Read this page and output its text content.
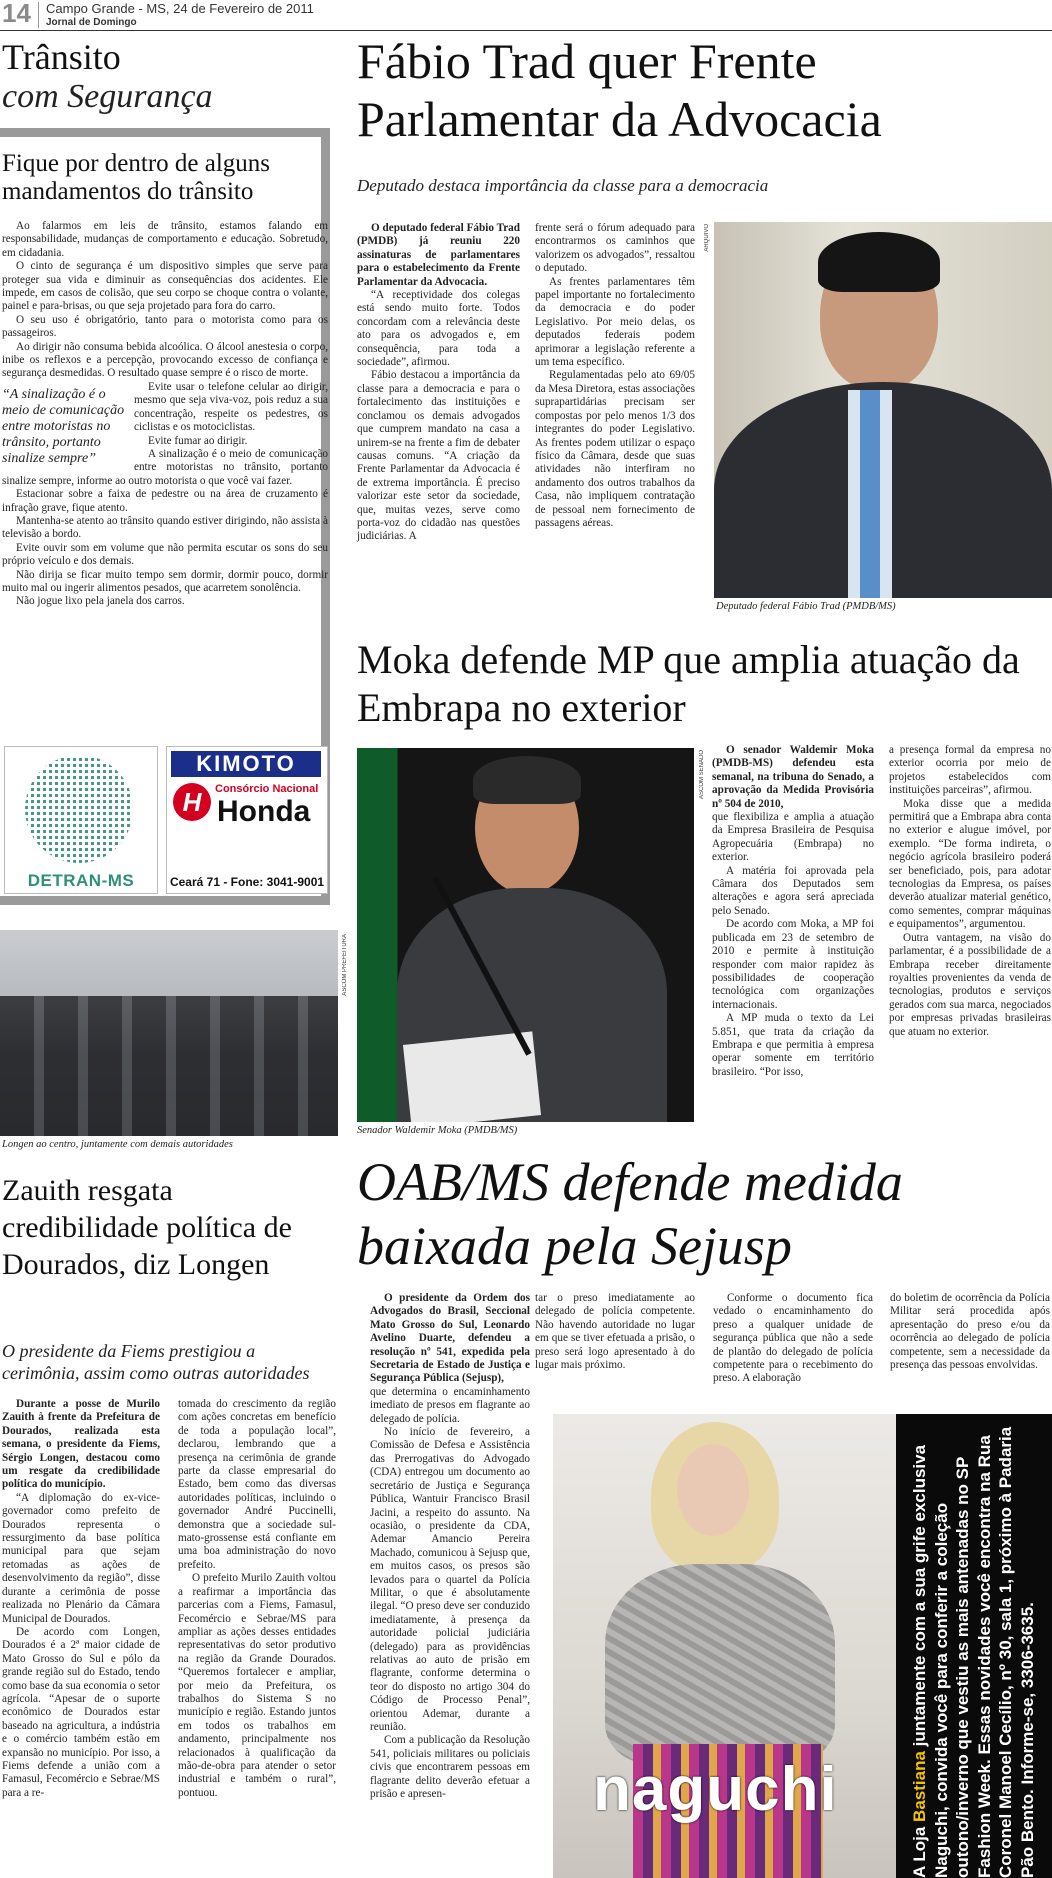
14 Campo Grande - MS, 24 de Fevereiro de 2011
Jornal de Domingo
Trânsito
com Segurança
Fique por dentro de alguns mandamentos do trânsito

Ao falarmos em leis de trânsito, estamos falando em responsabilidade, mudanças de comportamento e educação. Sobretudo, em cidadania.

O cinto de segurança é um dispositivo simples que serve para proteger sua vida e diminuir as consequências dos acidentes. Ele impede, em casos de colisão, que seu corpo se choque contra o volante, painel e para-brisas, ou que seja projetado para fora do carro.

O seu uso é obrigatório, tanto para o motorista como para os passageiros.

Ao dirigir não consuma bebida alcoólica. O álcool anestesia o corpo, inibe os reflexos e a percepção, provocando excesso de confiança e segurança desmedidas. O resultado quase sempre é o risco de morte.

“A sinalização é o meio de comunicação entre motoristas no trânsito, portanto sinalize sempre”

Evite usar o telefone celular ao dirigir, mesmo que seja viva-voz, pois reduz a sua concentração, respeite os pedestres, os ciclistas e os motociclistas.

Evite fumar ao dirigir.

A sinalização é o meio de comunicação entre motoristas no trânsito, portanto sinalize sempre, informe ao outro motorista o que você vai fazer.

Estacionar sobre a faixa de pedestre ou na área de cruzamento é infração grave, fique atento.

Mantenha-se atento ao trânsito quando estiver dirigindo, não assista à televisão a bordo.

Evite ouvir som em volume que não permita escutar os sons do seu próprio veículo e dos demais.

Não dirija se ficar muito tempo sem dormir, dormir pouco, dormir muito mal ou ingerir alimentos pesados, que acarretem sonolência.

Não jogue lixo pela janela dos carros.

DETRAN-MS
KIMOTO
H	Consórcio Nacional
Honda
Ceará 71 - Fone: 3041-9001
ASCOM PREFEITURA
Longen ao centro, juntamente com demais autoridades
Zauith resgata credibilidade política de Dourados, diz Longen
O presidente da Fiems prestigiou a cerimônia, assim como outras autoridades

Durante a posse de Murilo Zauith à frente da Prefeitura de Dourados, realizada esta semana, o presidente da Fiems, Sérgio Longen, destacou como um resgate da credibilidade política do município.

“A diplomação do ex-vice-governador como prefeito de Dourados representa o ressurgimento da base política municipal para que sejam retomadas as ações de desenvolvimento da região”, disse durante a cerimônia de posse realizada no Plenário da Câmara Municipal de Dourados.

De acordo com Longen, Dourados é a 2ª maior cidade de Mato Grosso do Sul e pólo da grande região sul do Estado, tendo como base da sua economia o setor agrícola. “Apesar de o suporte econômico de Dourados estar baseado na agricultura, a indústria e o comércio também estão em expansão no município. Por isso, a Fiems defende a união com a Famasul, Fecomércio e Sebrae/MS para a re-

tomada do crescimento da região com ações concretas em benefício de toda a população local”, declarou, lembrando que a presença na cerimônia de grande parte da classe empresarial do Estado, bem como das diversas autoridades políticas, incluindo o governador André Puccinelli, demonstra que a sociedade sul-mato-grossense está confiante em uma boa administração do novo prefeito.

O prefeito Murilo Zauith voltou a reafirmar a importância das parcerias com a Fiems, Famasul, Fecomércio e Sebrae/MS para ampliar as ações desses entidades representativas do setor produtivo na região da Grande Dourados. “Queremos fortalecer e ampliar, por meio da Prefeitura, os trabalhos do Sistema S no município e região. Estando juntos em todos os trabalhos em andamento, principalmente nos relacionados à qualificação da mão-de-obra para atender o setor industrial e também o rural”, pontuou.

Fábio Trad quer Frente Parlamentar da Advocacia
Deputado destaca importância da classe para a democracia

O deputado federal Fábio Trad (PMDB) já reuniu 220 assinaturas de parlamentares para o estabelecimento da Frente Parlamentar da Advocacia.

“A receptividade dos colegas está sendo muito forte. Todos concordam com a relevância deste ato para os advogados e, em consequência, para toda a sociedade”, afirmou.

Fábio destacou a importância da classe para a democracia e para o fortalecimento das instituições e conclamou os demais advogados que cumprem mandato na casa a unirem-se na frente a fim de debater causas comuns. “A criação da Frente Parlamentar da Advocacia é de extrema importância. É preciso valorizar este setor da sociedade, que, muitas vezes, serve como porta-voz do cidadão nas questões judiciárias. A

frente será o fórum adequado para encontrarmos os caminhos que valorizem os advogados”, ressaltou o deputado.

As frentes parlamentares têm papel importante no fortalecimento da democracia e do poder Legislativo. Por meio delas, os deputados federais podem aprimorar a legislação referente a um tema específico.

Regulamentadas pelo ato 69/05 da Mesa Diretora, estas associações suprapartidárias precisam ser compostas por pelo menos 1/3 dos integrantes do poder Legislativo. As frentes podem utilizar o espaço físico da Câmara, desde que suas atividades não interfiram no andamento dos outros trabalhos da Casa, não impliquem contratação de pessoal nem fornecimento de passagens aéreas.

ARQUIVO
Deputado federal Fábio Trad (PMDB/MS)
Moka defende MP que amplia atuação da Embrapa no exterior
ASCOM SENADO
Senador Waldemir Moka (PMDB/MS)

O senador Waldemir Moka (PMDB-MS) defendeu esta semanal, na tribuna do Senado, a aprovação da Medida Provisória nº 504 de 2010,

que flexibiliza e amplia a atuação da Empresa Brasileira de Pesquisa Agropecuária (Embrapa) no exterior.

A matéria foi aprovada pela Câmara dos Deputados sem alterações e agora será apreciada pelo Senado.

De acordo com Moka, a MP foi publicada em 23 de setembro de 2010 e permite à instituição responder com maior rapidez às possibilidades de cooperação tecnológica com organizações internacionais.

A MP muda o texto da Lei 5.851, que trata da criação da Embrapa e que permitia à empresa operar somente em território brasileiro. “Por isso,

a presença formal da empresa no exterior ocorria por meio de projetos estabelecidos com instituições parceiras”, afirmou.

Moka disse que a medida permitirá que a Embrapa abra conta no exterior e alugue imóvel, por exemplo. “De forma indireta, o negócio agrícola brasileiro poderá ser beneficiado, pois, para adotar tecnologias da Empresa, os países deverão atualizar material genético, como sementes, comprar máquinas e equipamentos”, argumentou.

Outra vantagem, na visão do parlamentar, é a possibilidade de a Embrapa receber direitamente royalties provenientes da venda de tecnologias, produtos e serviços gerados com sua marca, negociados por empresas privadas brasileiras que atuam no exterior.

OAB/MS defende medida baixada pela Sejusp

O presidente da Ordem dos Advogados do Brasil, Seccional Mato Grosso do Sul, Leonardo Avelino Duarte, defendeu a resolução nº 541, expedida pela Secretaria de Estado de Justiça e Segurança Pública (Sejusp),

que determina o encaminhamento imediato de presos em flagrante ao delegado de polícia.

No início de fevereiro, a Comissão de Defesa e Assistência das Prerrogativas do Advogado (CDA) entregou um documento ao secretário de Justiça e Segurança Pública, Wantuir Francisco Brasil Jacini, a respeito do assunto. Na ocasião, o presidente da CDA, Ademar Amancio Pereira Machado, comunicou à Sejusp que, em muitos casos, os presos são levados para o quartel da Polícia Militar, o que é absolutamente ilegal. “O preso deve ser conduzido imediatamente, à presença da autoridade policial judiciária (delegado) para as providências relativas ao auto de prisão em flagrante, conforme determina o teor do disposto no artigo 304 do Código de Processo Penal”, orientou Ademar, durante a reunião.

Com a publicação da Resolução 541, policiais militares ou policiais civis que encontrarem pessoas em flagrante delito deverão efetuar a prisão e apresen-

tar o preso imediatamente ao delegado de polícia competente. Não havendo autoridade no lugar em que se tiver efetuada a prisão, o preso será logo apresentado à do lugar mais próximo.

Conforme o documento fica vedado o encaminhamento do preso a qualquer unidade de segurança pública que não a sede de plantão do delegado de polícia competente para o recebimento do preso. A elaboração

do boletim de ocorrência da Polícia Militar será procedida após apresentação do preso e/ou da ocorrência ao delegado de polícia competente, sem a necessidade da presença das pessoas envolvidas.

naguchi
A Loja Bastiana juntamente com a sua grife exclusiva Naguchi, convida você para conferir a coleção outono/inverno que vestiu as mais antenadas no SP Fashion Week. Essas novidades você encontra na Rua Coronel Manoel Cecílio, nº 30, sala 1, próximo à Padaria Pão Bento. Informe-se, 3306-3635.
